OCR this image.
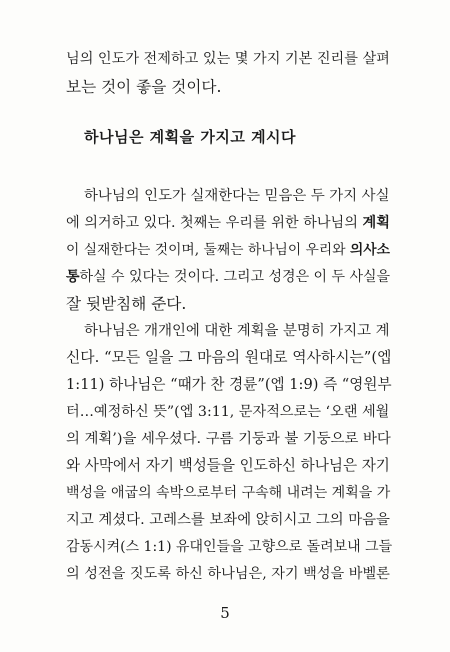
님의 인도가 전제하고 있는 몇 가지 기본 진리를 살펴
보는 것이 좋을 것이다.
하나님은 계획을 가지고 계시다
하나님의 인도가 실재한다는 믿음은 두 가지 사실
에 의거하고 있다. 첫째는 우리를 위한 하나님의 계획
이 실재한다는 것이며, 둘째는 하나님이 우리와 의사소
통하실 수 있다는 것이다. 그리고 성경은 이 두 사실을
잘 뒷받침해 준다.
하나님은 개개인에 대한 계획을 분명히 가지고 계
신다. “모든 일을 그 마음의 원대로 역사하시는”(엡
1:11) 하나님은 “때가 찬 경륜”(엡 1:9) 즉 “영원부
터…예정하신 뜻”(엡 3:11, 문자적으로는 ‘오랜 세월
의 계획’)을 세우셨다. 구름 기둥과 불 기둥으로 바다
와 사막에서 자기 백성들을 인도하신 하나님은 자기
백성을 애굽의 속박으로부터 구속해 내려는 계획을 가
지고 계셨다. 고레스를 보좌에 앉히시고 그의 마음을
감동시켜(스 1:1) 유대인들을 고향으로 돌려보내 그들
의 성전을 짓도록 하신 하나님은, 자기 백성을 바벨론
5
